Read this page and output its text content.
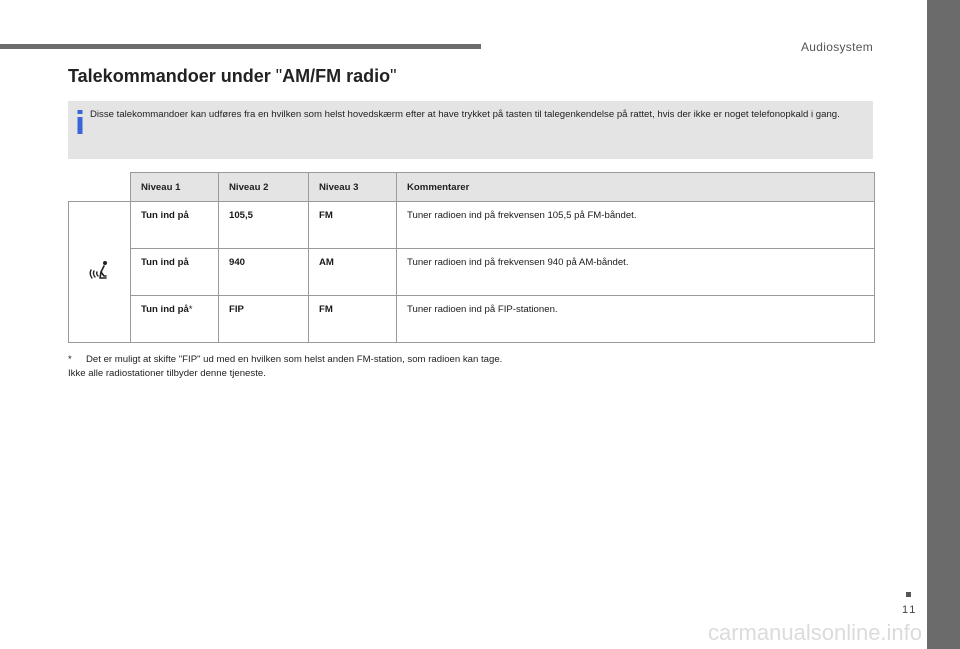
Audiosystem
Talekommandoer under "AM/FM radio"
Disse talekommandoer kan udføres fra en hvilken som helst hovedskærm efter at have trykket på tasten til talegenkendelse på rattet, hvis der ikke er noget telefonopkald i gang.
	Niveau 1	Niveau 2	Niveau 3	Kommentarer
	Tun ind på	105,5	FM	Tuner radioen ind på frekvensen 105,5 på FM-båndet.
	Tun ind på	940	AM	Tuner radioen ind på frekvensen 940 på AM-båndet.
	Tun ind på*	FIP	FM	Tuner radioen ind på FIP-stationen.
* Det er muligt at skifte "FIP" ud med en hvilken som helst anden FM-station, som radioen kan tage.
Ikke alle radiostationer tilbyder denne tjeneste.
11
carmanualsonline.info
